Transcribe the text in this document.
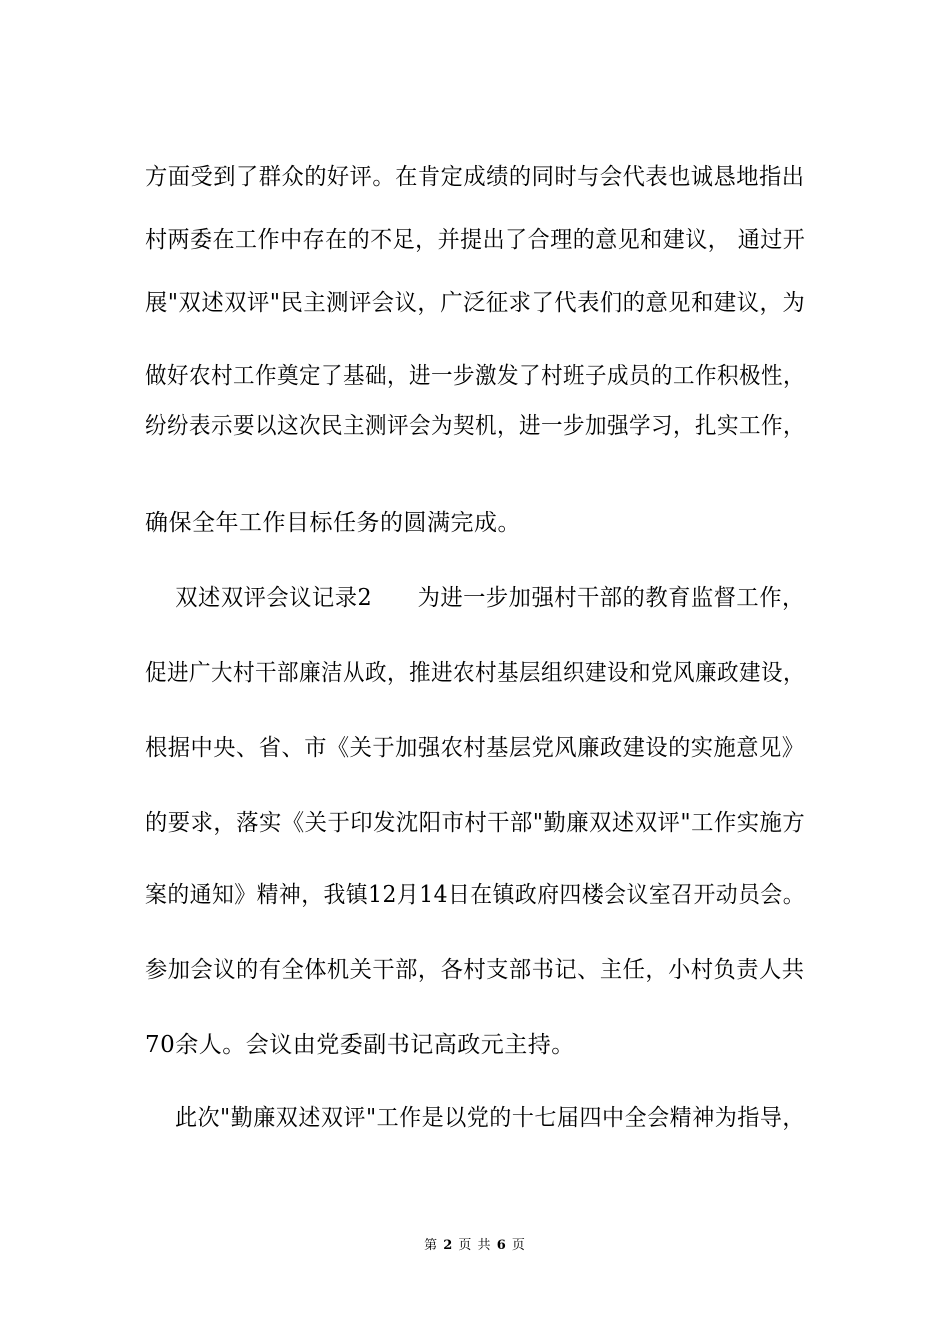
方面受到了群众的好评。在肯定成绩的同时与会代表也诚恳地指出
村两委在工作中存在的不足，并提出了合理的意见和建议， 通过开
展"双述双评"民主测评会议，广泛征求了代表们的意见和建议，为
做好农村工作奠定了基础，进一步激发了村班子成员的工作积极性，
纷纷表示要以这次民主测评会为契机，进一步加强学习，扎实工作，
确保全年工作目标任务的圆满完成。
双述双评会议记录2      为进一步加强村干部的教育监督工作，
促进广大村干部廉洁从政，推进农村基层组织建设和党风廉政建设，
根据中央、省、市《关于加强农村基层党风廉政建设的实施意见》
的要求，落实《关于印发沈阳市村干部"勤廉双述双评"工作实施方
案的通知》精神，我镇12月14日在镇政府四楼会议室召开动员会。
参加会议的有全体机关干部，各村支部书记、主任，小村负责人共
70余人。会议由党委副书记高政元主持。
此次"勤廉双述双评"工作是以党的十七届四中全会精神为指导，
第 2 页 共 6 页
